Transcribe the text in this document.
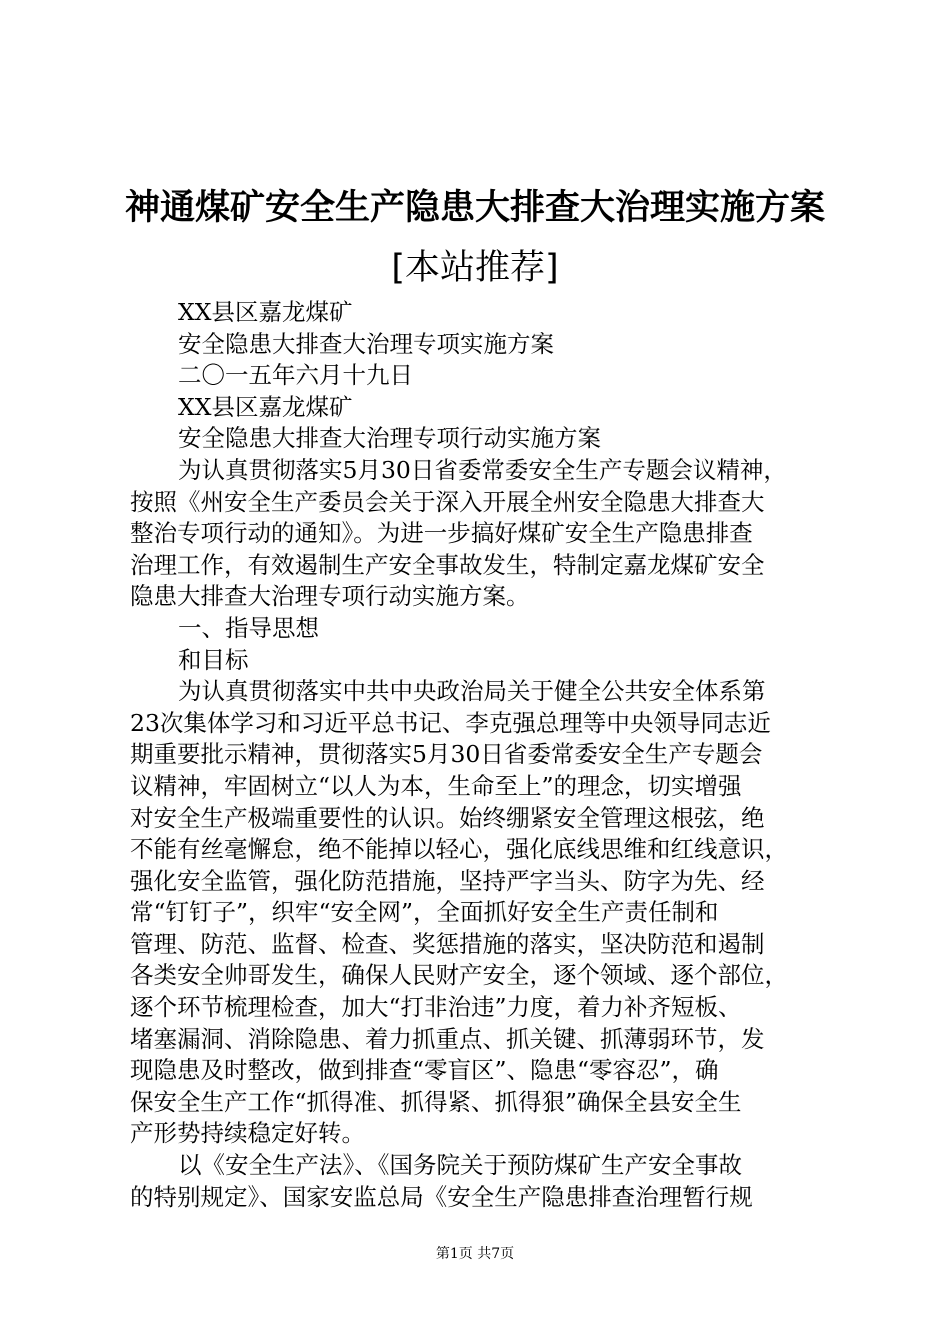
神通煤矿安全生产隐患大排查大治理实施方案
[本站推荐]
XX县区嘉龙煤矿
安全隐患大排查大治理专项实施方案
二〇一五年六月十九日
XX县区嘉龙煤矿
安全隐患大排查大治理专项行动实施方案
为认真贯彻落实5月30日省委常委安全生产专题会议精神，
按照《州安全生产委员会关于深入开展全州安全隐患大排查大
整治专项行动的通知》。为进一步搞好煤矿安全生产隐患排查
治理工作，有效遏制生产安全事故发生，特制定嘉龙煤矿安全
隐患大排查大治理专项行动实施方案。
一、指导思想
和目标
为认真贯彻落实中共中央政治局关于健全公共安全体系第
23次集体学习和习近平总书记、李克强总理等中央领导同志近
期重要批示精神，贯彻落实5月30日省委常委安全生产专题会
议精神，牢固树立“以人为本，生命至上”的理念，切实增强
对安全生产极端重要性的认识。始终绷紧安全管理这根弦，绝
不能有丝毫懈怠，绝不能掉以轻心，强化底线思维和红线意识，
强化安全监管，强化防范措施，坚持严字当头、防字为先、经
常“钉钉子”，织牢“安全网”，全面抓好安全生产责任制和
管理、防范、监督、检查、奖惩措施的落实，坚决防范和遏制
各类安全帅哥发生，确保人民财产安全，逐个领域、逐个部位，
逐个环节梳理检查，加大“打非治违”力度，着力补齐短板、
堵塞漏洞、消除隐患、着力抓重点、抓关键、抓薄弱环节，发
现隐患及时整改，做到排查“零盲区”、隐患“零容忍”，确
保安全生产工作“抓得准、抓得紧、抓得狠”确保全县安全生
产形势持续稳定好转。
以《安全生产法》、《国务院关于预防煤矿生产安全事故
的特别规定》、国家安监总局《安全生产隐患排查治理暂行规
第1页 共7页
